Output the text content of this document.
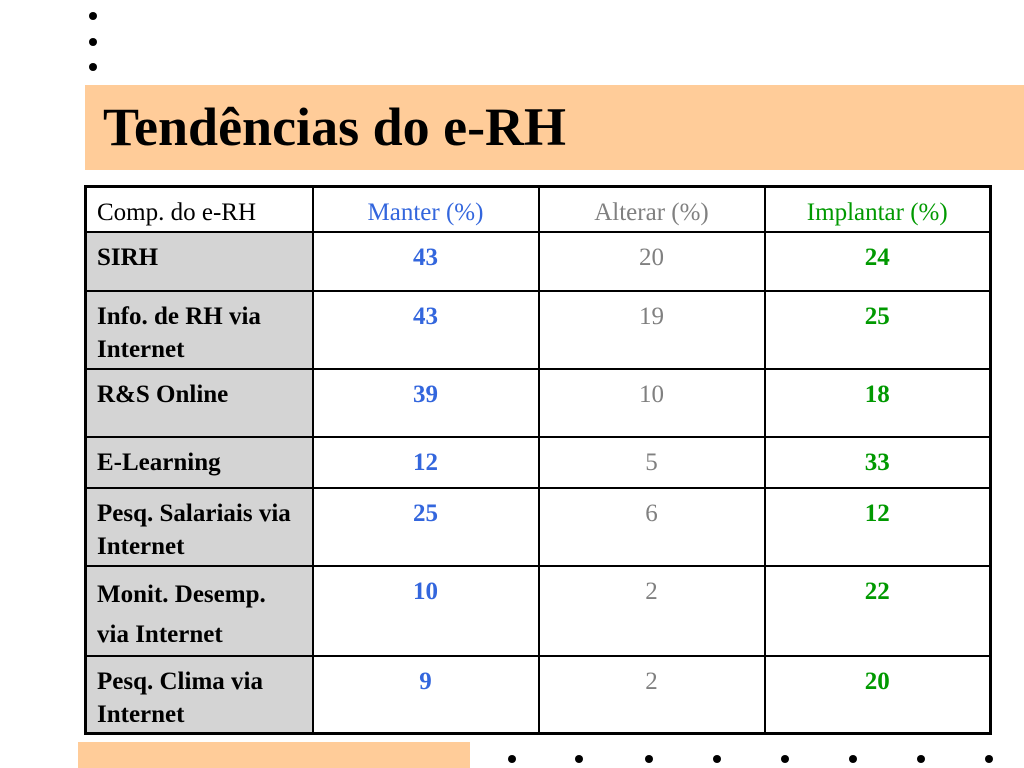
Tendências do e-RH
Comp. do e-RH	Manter (%)	Alterar (%)	Implantar (%)
SIRH	43	20	24
Info. de RH via Internet	43	19	25
R&S Online	39	10	18
E-Learning	12	5	33
Pesq. Salariais via Internet	25	6	12
Monit. Desemp. via Internet	10	2	22
Pesq. Clima via Internet	9	2	20
